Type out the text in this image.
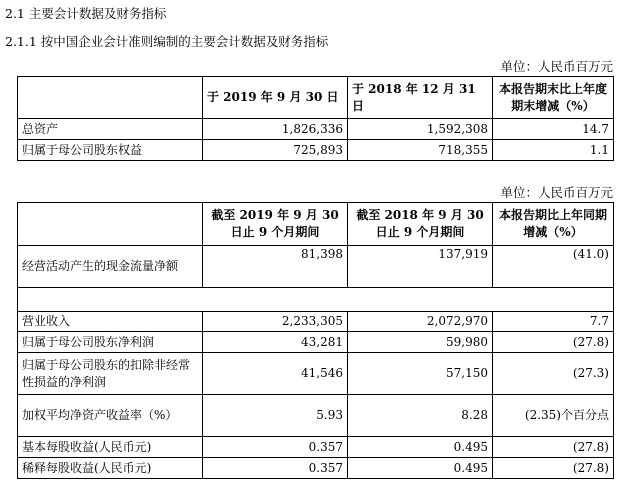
2.1 主要会计数据及财务指标
2.1.1 按中国企业会计准则编制的主要会计数据及财务指标
单位：人民币百万元
	于 2019 年 9 月 30 日	于 2018 年 12 月 31 日	本报告期末比上年度期末增减（%）
总资产	1,826,336	1,592,308	14.7
归属于母公司股东权益	725,893	718,355	1.1
单位：人民币百万元
	截至 2019 年 9 月 30 日止 9 个月期间	截至 2018 年 9 月 30 日止 9 个月期间	本报告期比上年同期增减（%）
经营活动产生的现金流量净额	81,398	137,919	(41.0)

营业收入	2,233,305	2,072,970	7.7
归属于母公司股东净利润	43,281	59,980	(27.8)
归属于母公司股东的扣除非经常性损益的净利润	41,546	57,150	(27.3)
加权平均净资产收益率（%）	5.93	8.28	(2.35)个百分点
基本每股收益(人民币元)	0.357	0.495	(27.8)
稀释每股收益(人民币元)	0.357	0.495	(27.8)
